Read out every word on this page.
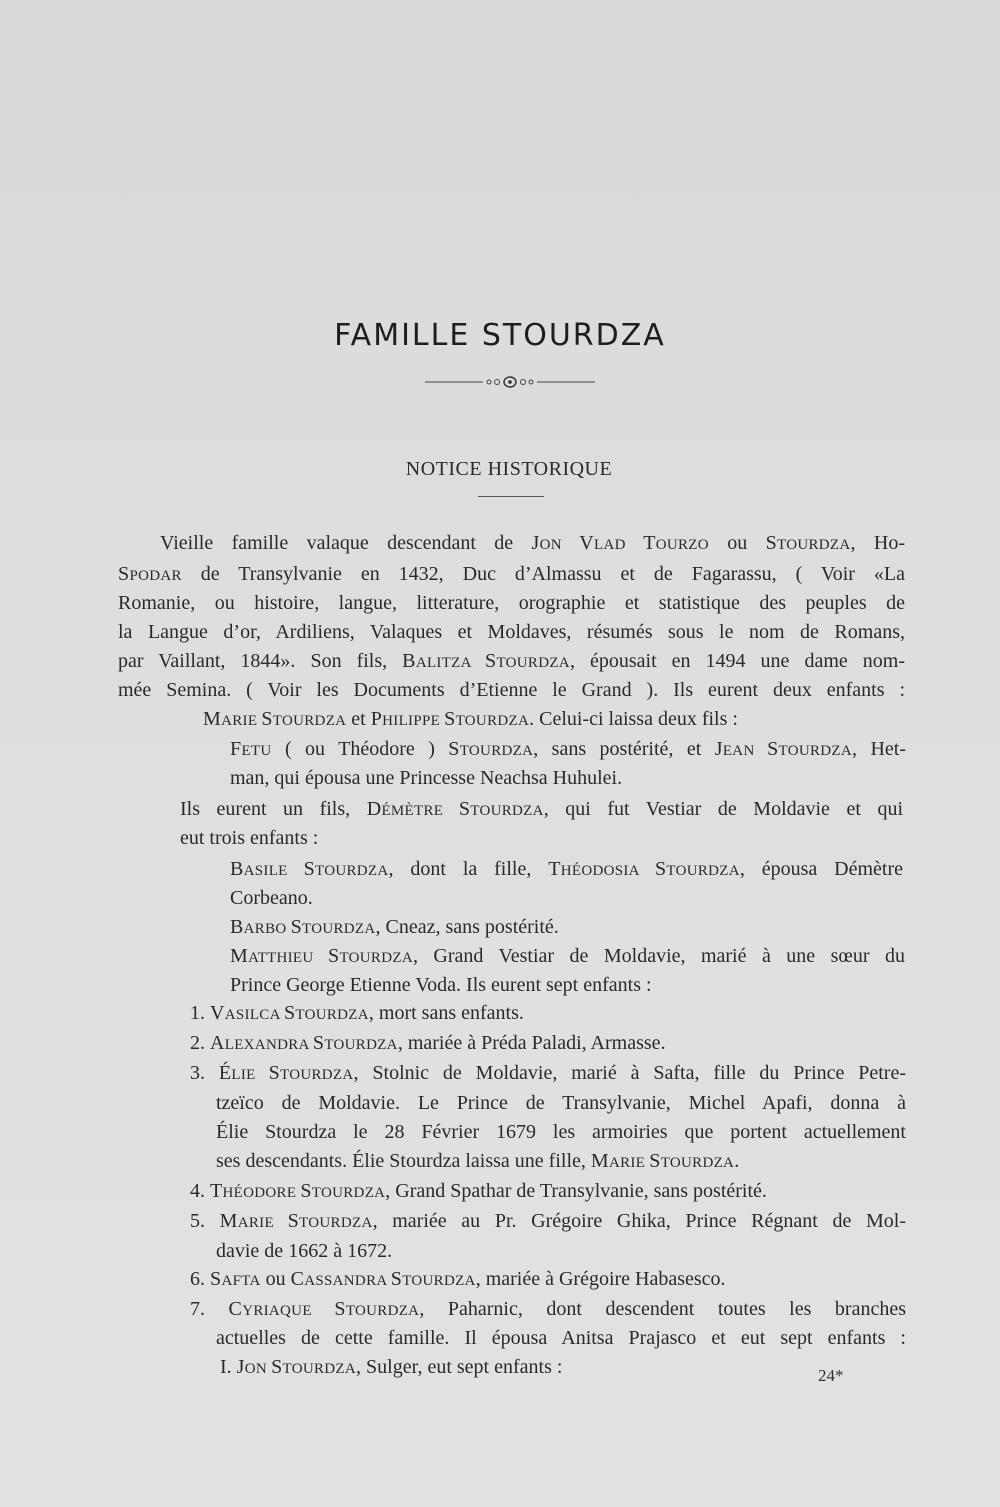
FAMILLE STOURDZA
NOTICE HISTORIQUE
Vieille famille valaque descendant de JON VLAD TOURZO ou STOURDZA, Ho-
SPODAR de Transylvanie en 1432, Duc d’Almassu et de Fagarassu, ( Voir «La
Romanie, ou histoire, langue, litterature, orographie et statistique des peuples de
la Langue d’or, Ardiliens, Valaques et Moldaves, résumés sous le nom de Romans,
par Vaillant, 1844». Son fils, BALITZA STOURDZA, épousait en 1494 une dame nom-
mée Semina. ( Voir les Documents d’Etienne le Grand ). Ils eurent deux enfants :
MARIE STOURDZA et PHILIPPE STOURDZA. Celui-ci laissa deux fils :
FETU ( ou Théodore ) STOURDZA, sans postérité, et JEAN STOURDZA, Het-
man, qui épousa une Princesse Neachsa Huhulei.
Ils eurent un fils, DÉMÈTRE STOURDZA, qui fut Vestiar de Moldavie et qui
eut trois enfants :
BASILE STOURDZA, dont la fille, THÉODOSIA STOURDZA, épousa Démètre
Corbeano.
BARBO STOURDZA, Cneaz, sans postérité.
MATTHIEU STOURDZA, Grand Vestiar de Moldavie, marié à une sœur du
Prince George Etienne Voda. Ils eurent sept enfants :
1. VASILCA STOURDZA, mort sans enfants.
2. ALEXANDRA STOURDZA, mariée à Préda Paladi, Armasse.
3. ÉLIE STOURDZA, Stolnic de Moldavie, marié à Safta, fille du Prince Petre-
tzeïco de Moldavie. Le Prince de Transylvanie, Michel Apafi, donna à
Élie Stourdza le 28 Février 1679 les armoiries que portent actuellement
ses descendants. Élie Stourdza laissa une fille, MARIE STOURDZA.
4. THÉODORE STOURDZA, Grand Spathar de Transylvanie, sans postérité.
5. MARIE STOURDZA, mariée au Pr. Grégoire Ghika, Prince Régnant de Mol-
davie de 1662 à 1672.
6. SAFTA ou CASSANDRA STOURDZA, mariée à Grégoire Habasesco.
7. CYRIAQUE STOURDZA, Paharnic, dont descendent toutes les branches
actuelles de cette famille. Il épousa Anitsa Prajasco et eut sept enfants :
I. JON STOURDZA, Sulger, eut sept enfants :	24*
